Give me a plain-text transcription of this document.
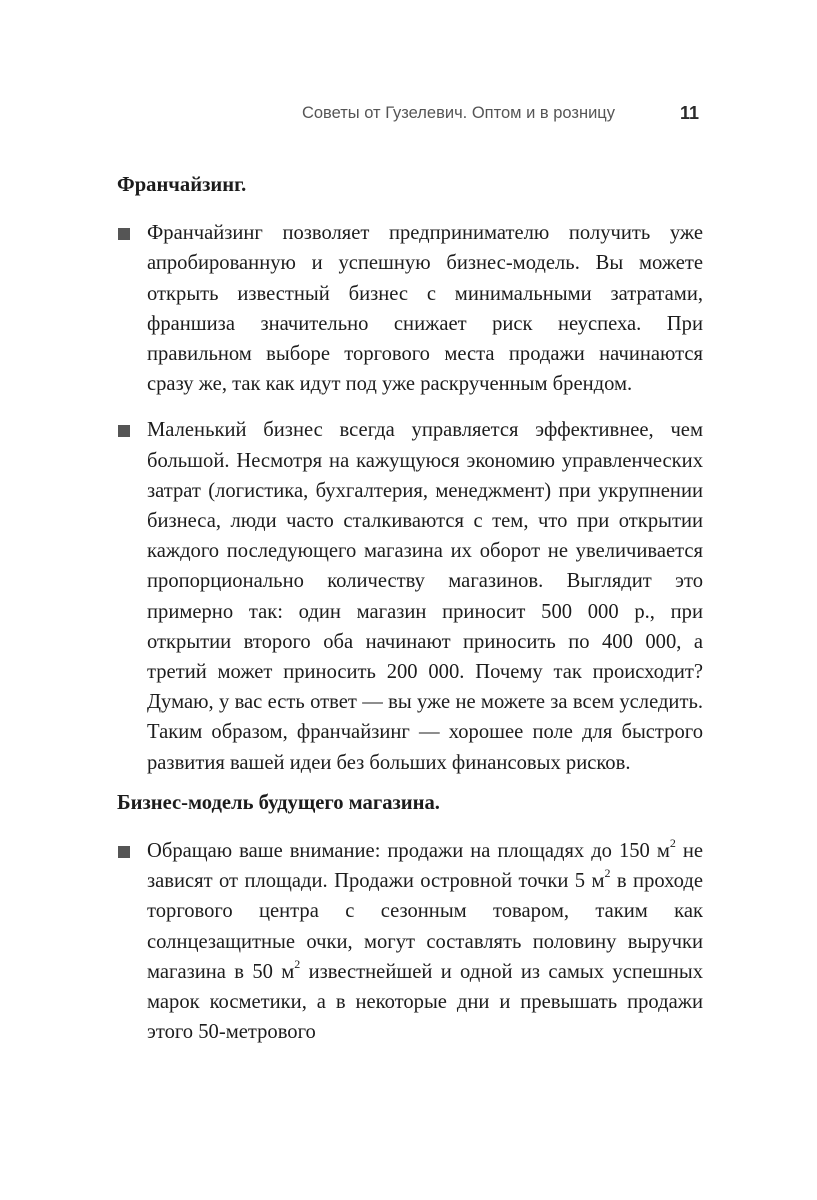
Советы от Гузелевич. Оптом и в розницу	11

Франчайзинг.

Франчайзинг позволяет предпринимателю получить уже апробированную и успешную бизнес-модель. Вы можете открыть известный бизнес с минимальными затратами, франшиза значительно снижает риск неуспеха. При правильном выборе торгового места продажи начинаются сразу же, так как идут под уже раскрученным брендом.
Маленький бизнес всегда управляется эффективнее, чем большой. Несмотря на кажущуюся экономию управленческих затрат (логистика, бухгалтерия, менеджмент) при укрупнении бизнеса, люди часто сталкиваются с тем, что при открытии каждого последующего магазина их оборот не увеличивается пропорционально количеству магазинов. Выглядит это примерно так: один магазин приносит 500 000 р., при открытии второго оба начинают приносить по 400 000, а третий может приносить 200 000. Почему так происходит? Думаю, у вас есть ответ — вы уже не можете за всем уследить. Таким образом, франчайзинг — хорошее поле для быстрого развития вашей идеи без больших финансовых рисков.

Бизнес-модель будущего магазина.

Обращаю ваше внимание: продажи на площадях до 150 $м^2$ не зависят от площади. Продажи островной точки 5 $м^2$ в проходе торгового центра с сезонным товаром, таким как солнцезащитные очки, могут составлять половину выручки магазина в 50 $м^2$ известнейшей и одной из самых успешных марок косметики, а в некоторые дни и превышать продажи этого 50-метрового
